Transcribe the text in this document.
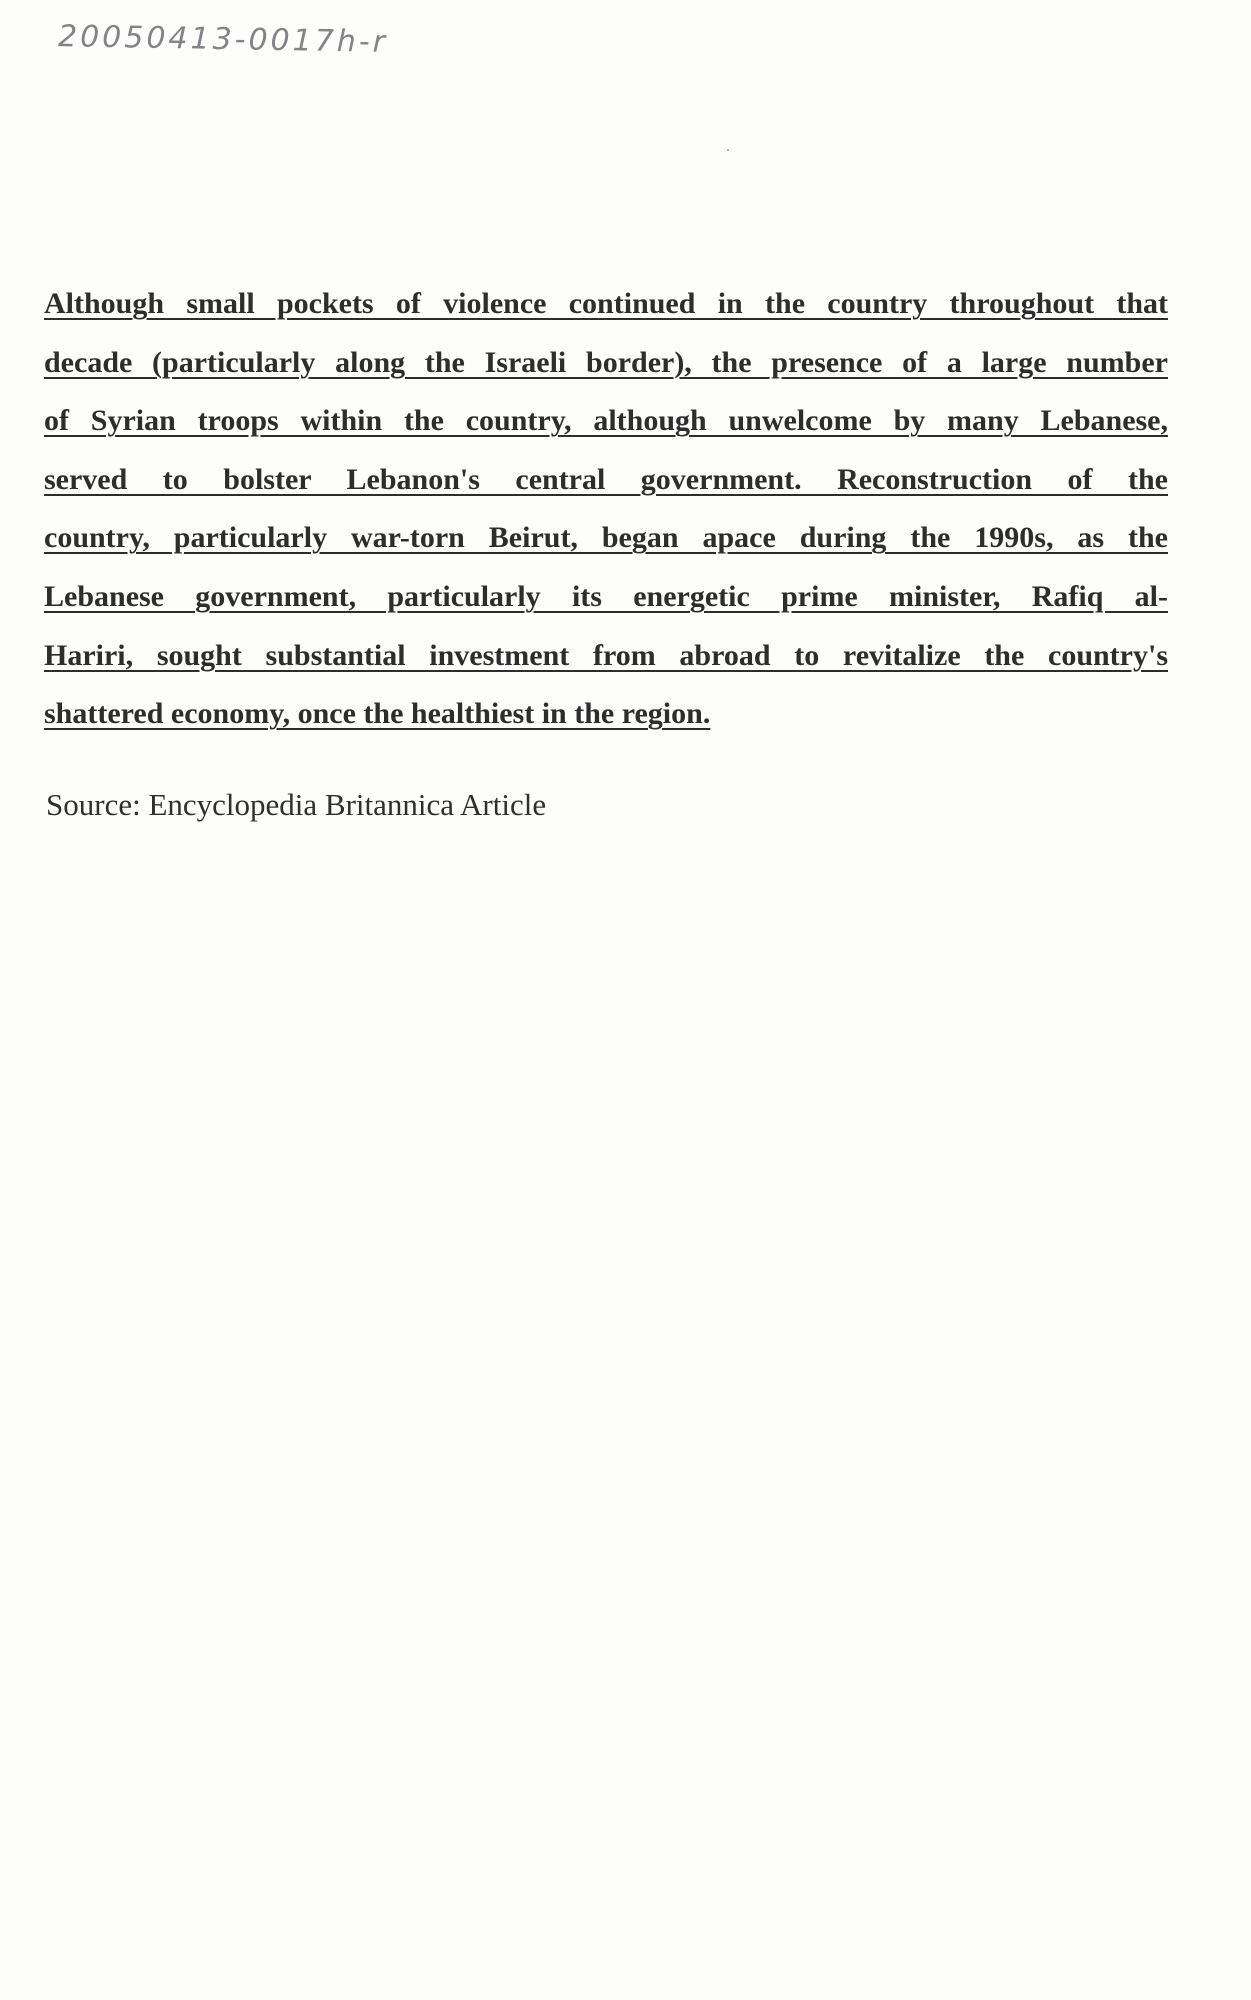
20050413-0017h-r
Although small pockets of violence continued in the country throughout that
decade (particularly along the Israeli border), the presence of a large number
of Syrian troops within the country, although unwelcome by many Lebanese,
served to bolster Lebanon's central government. Reconstruction of the
country, particularly war-torn Beirut, began apace during the 1990s, as the
Lebanese government, particularly its energetic prime minister, Rafiq al-
Hariri, sought substantial investment from abroad to revitalize the country's
shattered economy, once the healthiest in the region.

Source: Encyclopedia Britannica Article
